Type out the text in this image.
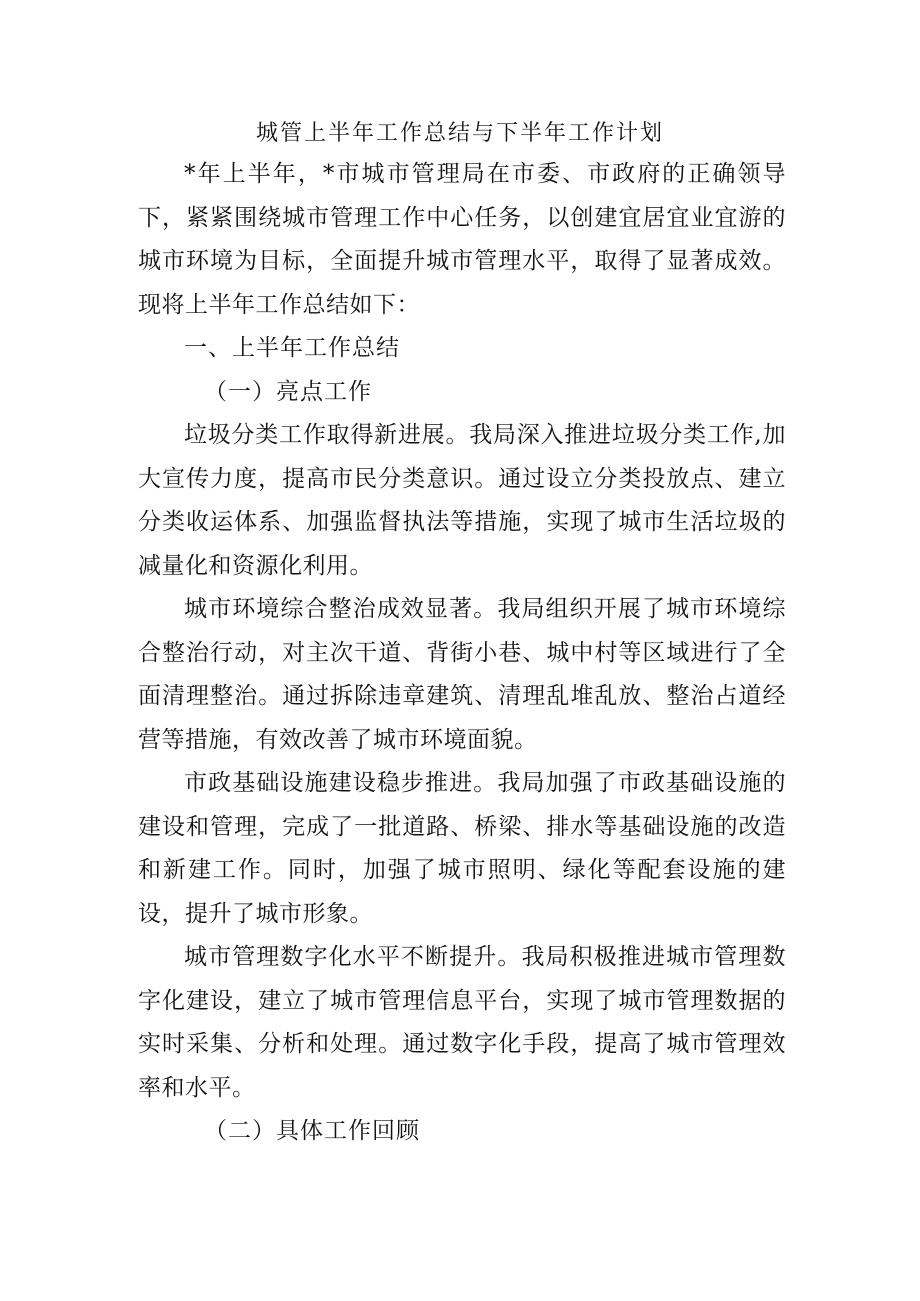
城管上半年工作总结与下半年工作计划

*年上半年，*市城市管理局在市委、市政府的正确领导下，紧紧围绕城市管理工作中心任务，以创建宜居宜业宜游的城市环境为目标，全面提升城市管理水平，取得了显著成效。现将上半年工作总结如下：

一、上半年工作总结

（一）亮点工作

垃圾分类工作取得新进展。我局深入推进垃圾分类工作,加大宣传力度，提高市民分类意识。通过设立分类投放点、建立分类收运体系、加强监督执法等措施，实现了城市生活垃圾的减量化和资源化利用。

城市环境综合整治成效显著。我局组织开展了城市环境综合整治行动，对主次干道、背街小巷、城中村等区域进行了全面清理整治。通过拆除违章建筑、清理乱堆乱放、整治占道经营等措施，有效改善了城市环境面貌。

市政基础设施建设稳步推进。我局加强了市政基础设施的建设和管理，完成了一批道路、桥梁、排水等基础设施的改造和新建工作。同时，加强了城市照明、绿化等配套设施的建设，提升了城市形象。

城市管理数字化水平不断提升。我局积极推进城市管理数字化建设，建立了城市管理信息平台，实现了城市管理数据的实时采集、分析和处理。通过数字化手段，提高了城市管理效率和水平。

（二）具体工作回顾
